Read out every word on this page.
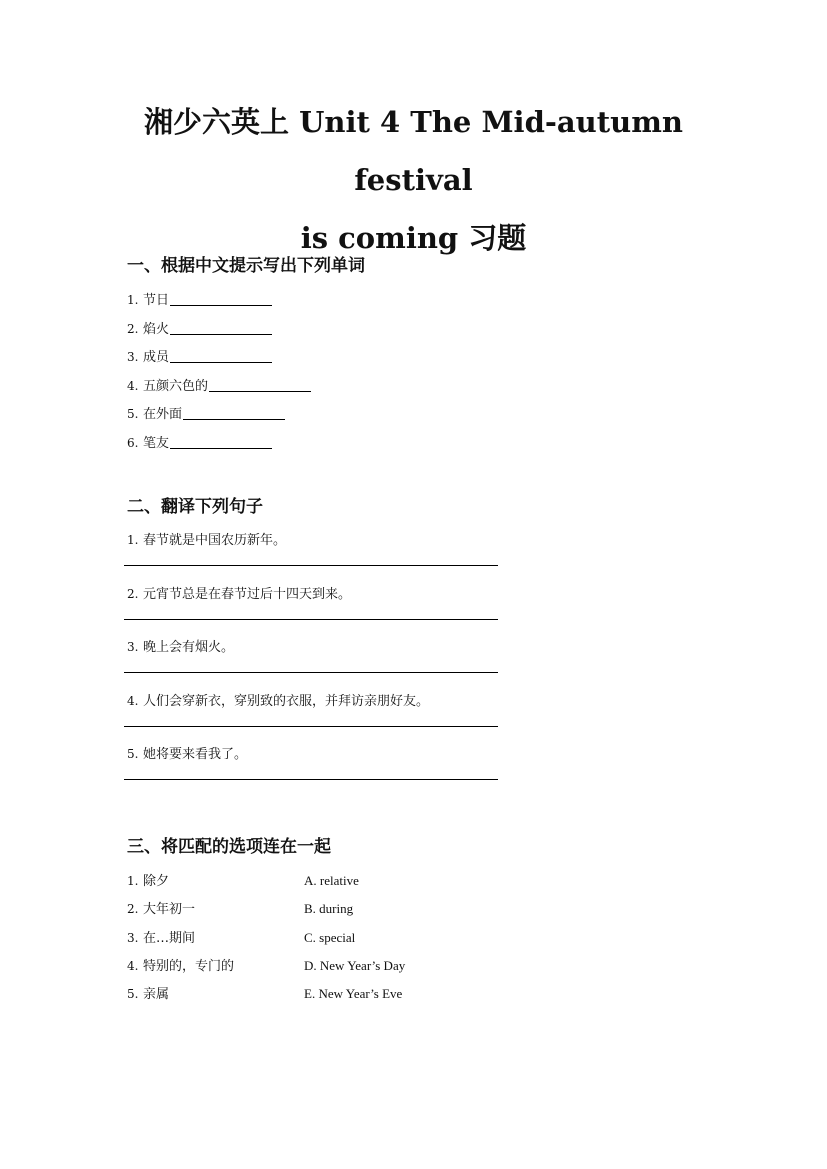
湘少六英上 Unit 4 The Mid-autumn festival
is coming 习题
一、根据中文提示写出下列单词
1. 节日
2. 焰火
3. 成员
4. 五颜六色的
5. 在外面
6. 笔友
二、翻译下列句子
1. 春节就是中国农历新年。
2. 元宵节总是在春节过后十四天到来。
3. 晚上会有烟火。
4. 人们会穿新衣，穿别致的衣服，并拜访亲朋好友。
5. 她将要来看我了。
三、将匹配的选项连在一起
1. 除夕	A. relative
2. 大年初一	B. during
3. 在…期间	C. special
4. 特别的，专门的	D. New Year’s Day
5. 亲属	E. New Year’s Eve
